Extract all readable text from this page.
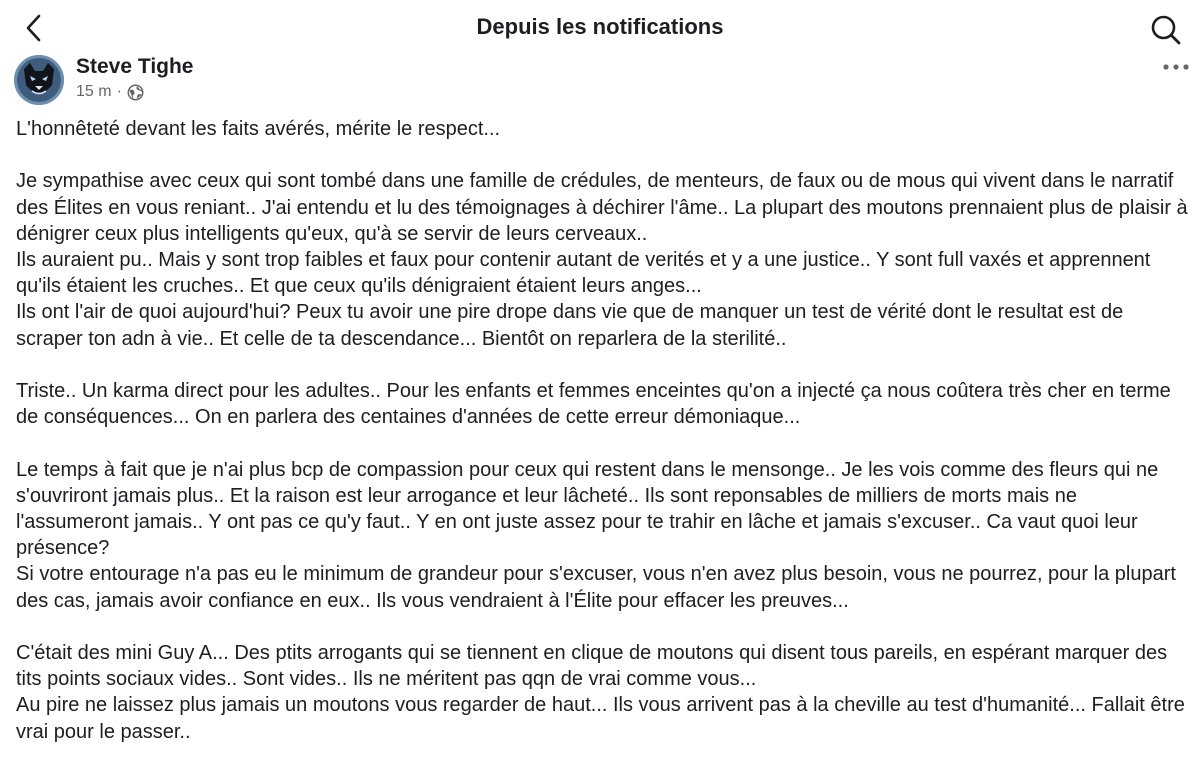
Depuis les notifications
Steve Tighe
15 m ·

L'honnêteté devant les faits avérés, mérite le respect...

Je sympathise avec ceux qui sont tombé dans une famille de crédules, de menteurs, de faux ou de mous qui vivent dans le narratif des Élites en vous reniant.. J'ai entendu et lu des témoignages à déchirer l'âme.. La plupart des moutons prennaient plus de plaisir à dénigrer ceux plus intelligents qu'eux, qu'à se servir de leurs cerveaux..

Ils auraient pu.. Mais y sont trop faibles et faux pour contenir autant de verités et y a une justice.. Y sont full vaxés et apprennent qu'ils étaient les cruches.. Et que ceux qu'ils dénigraient étaient leurs anges...

Ils ont l'air de quoi aujourd'hui? Peux tu avoir une pire drope dans vie que de manquer un test de vérité dont le resultat est de scraper ton adn à vie.. Et celle de ta descendance... Bientôt on reparlera de la sterilité..

Triste.. Un karma direct pour les adultes.. Pour les enfants et femmes enceintes qu'on a injecté ça nous coûtera très cher en terme de conséquences... On en parlera des centaines d'années de cette erreur démoniaque...

Le temps à fait que je n'ai plus bcp de compassion pour ceux qui restent dans le mensonge.. Je les vois comme des fleurs qui ne s'ouvriront jamais plus.. Et la raison est leur arrogance et leur lâcheté.. Ils sont reponsables de milliers de morts mais ne l'assumeront jamais.. Y ont pas ce qu'y faut.. Y en ont juste assez pour te trahir en lâche et jamais s'excuser.. Ca vaut quoi leur présence?

Si votre entourage n'a pas eu le minimum de grandeur pour s'excuser, vous n'en avez plus besoin, vous ne pourrez, pour la plupart des cas, jamais avoir confiance en eux.. Ils vous vendraient à l'Élite pour effacer les preuves...

C'était des mini Guy A... Des ptits arrogants qui se tiennent en clique de moutons qui disent tous pareils, en espérant marquer des tits points sociaux vides.. Sont vides.. Ils ne méritent pas qqn de vrai comme vous...

Au pire ne laissez plus jamais un moutons vous regarder de haut... Ils vous arrivent pas à la cheville au test d'humanité... Fallait être vrai pour le passer..
